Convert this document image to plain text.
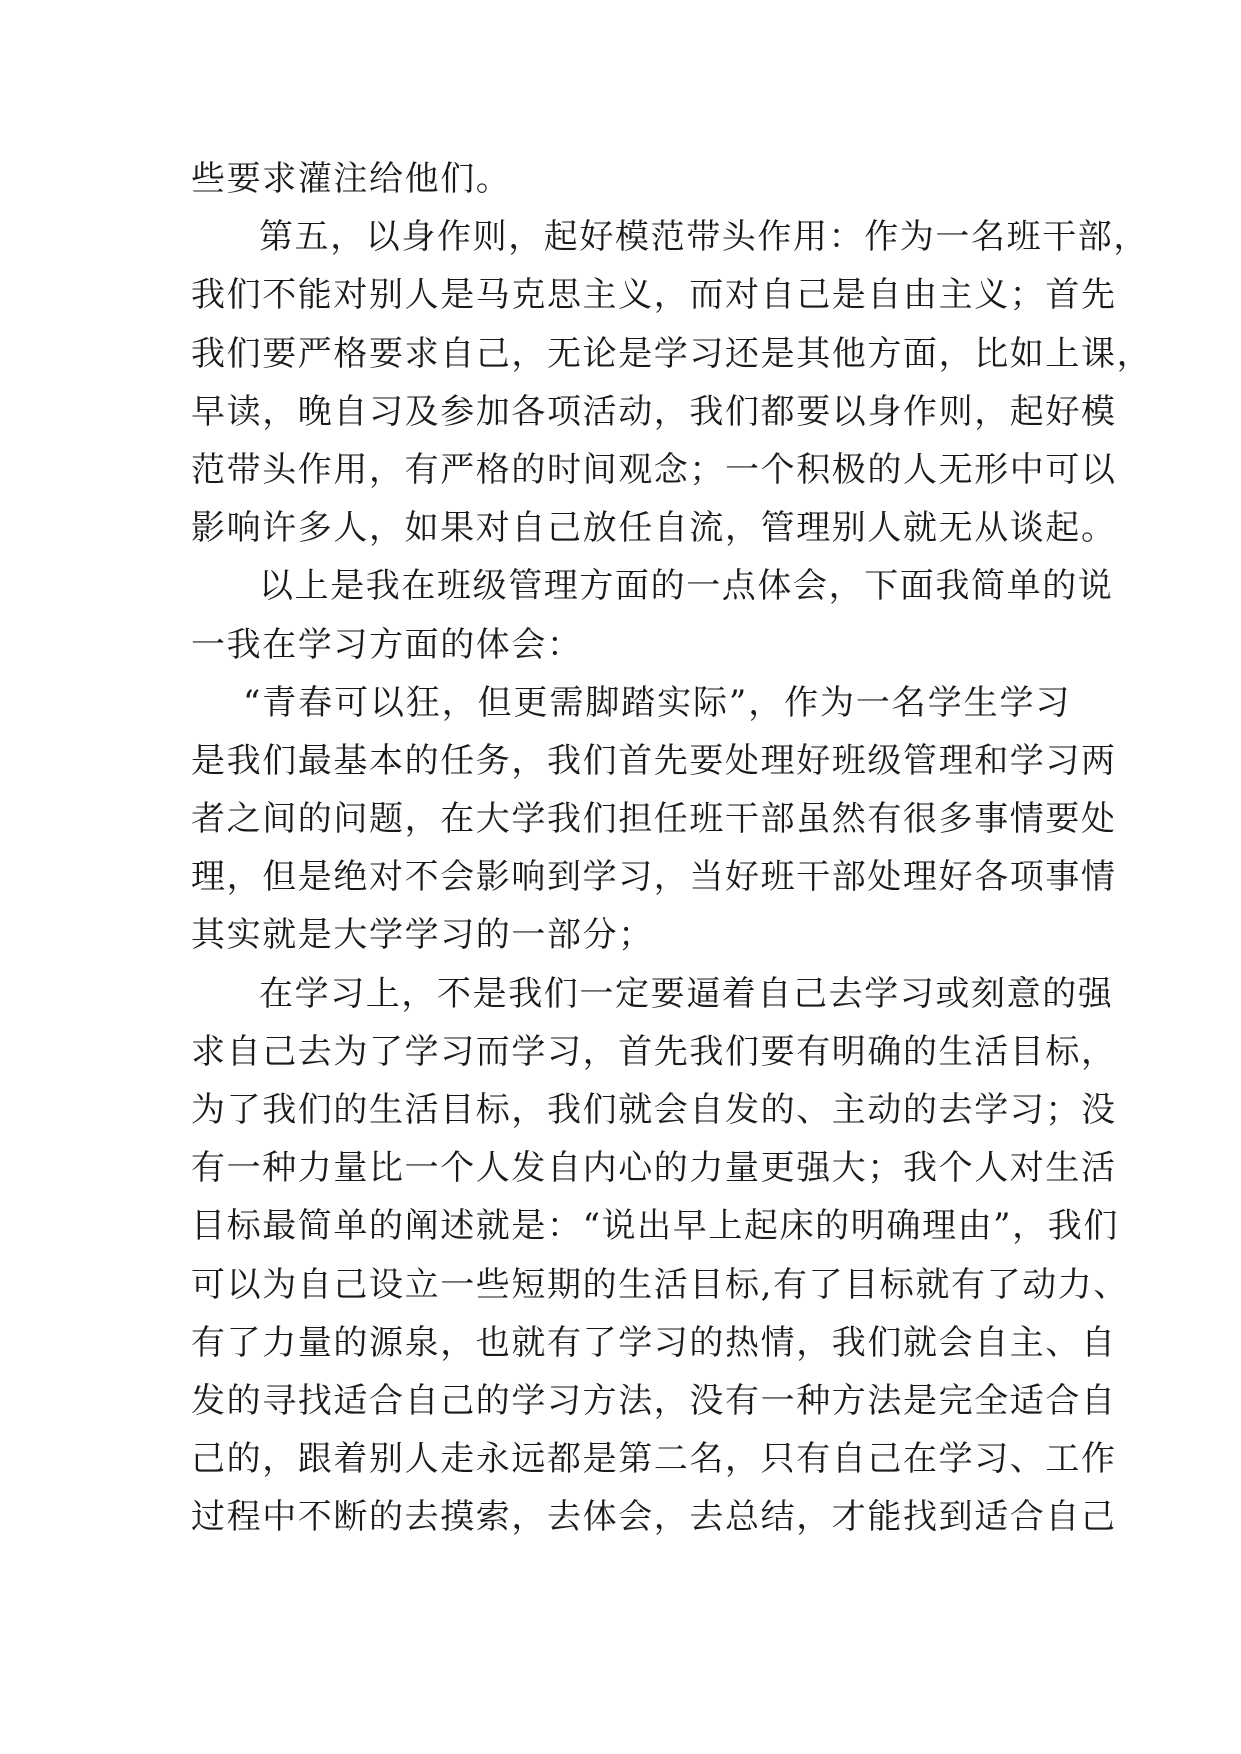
些要求灌注给他们。
第五，以身作则，起好模范带头作用：作为一名班干部，
我们不能对别人是马克思主义，而对自己是自由主义；首先
我们要严格要求自己，无论是学习还是其他方面，比如上课，
早读，晚自习及参加各项活动，我们都要以身作则，起好模
范带头作用，有严格的时间观念；一个积极的人无形中可以
影响许多人，如果对自己放任自流，管理别人就无从谈起。
以上是我在班级管理方面的一点体会，下面我简单的说
一我在学习方面的体会：
“青春可以狂，但更需脚踏实际”，作为一名学生学习
是我们最基本的任务，我们首先要处理好班级管理和学习两
者之间的问题，在大学我们担任班干部虽然有很多事情要处
理，但是绝对不会影响到学习，当好班干部处理好各项事情
其实就是大学学习的一部分；
在学习上，不是我们一定要逼着自己去学习或刻意的强
求自己去为了学习而学习，首先我们要有明确的生活目标，
为了我们的生活目标，我们就会自发的、主动的去学习；没
有一种力量比一个人发自内心的力量更强大；我个人对生活
目标最简单的阐述就是：“说出早上起床的明确理由”，我们
可以为自己设立一些短期的生活目标,有了目标就有了动力、
有了力量的源泉，也就有了学习的热情，我们就会自主、自
发的寻找适合自己的学习方法，没有一种方法是完全适合自
己的，跟着别人走永远都是第二名，只有自己在学习、工作
过程中不断的去摸索，去体会，去总结，才能找到适合自己
